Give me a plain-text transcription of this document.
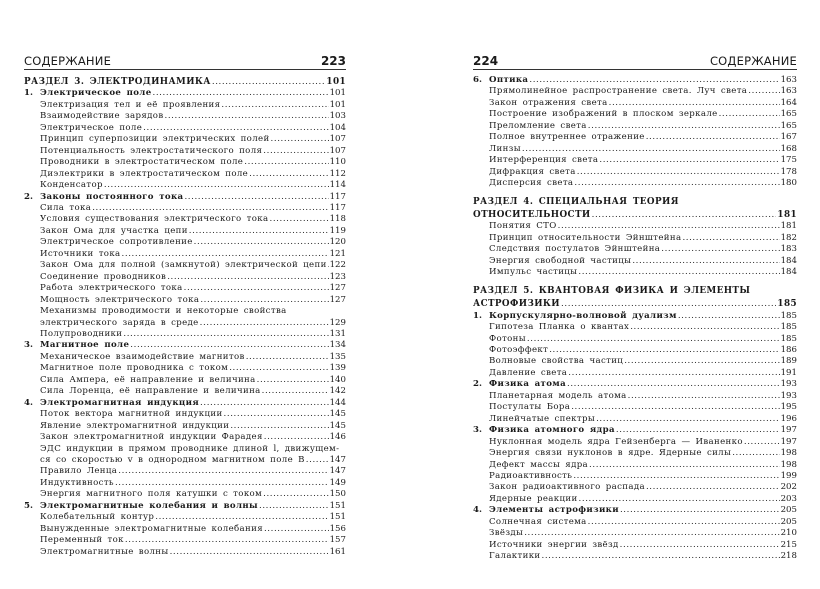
СОДЕРЖАНИЕ	223
РАЗДЕЛ 3. ЭЛЕКТРОДИНАМИКА .....	101
1. Электрическое поле .....	101
Электризация тел и её проявления .....	101
Взаимодействие зарядов .....	103
Электрическое поле .....	104
Принцип суперпозиции электрических полей .....	107
Потенциальность электростатического поля .....	107
Проводники в электростатическом поле .....	110
Диэлектрики в электростатическом поле .....	112
Конденсатор .....	114
2. Законы постоянного тока .....	117
Сила тока .....	117
Условия существования электрического тока .....	118
Закон Ома для участка цепи .....	119
Электрическое сопротивление .....	120
Источники тока .....	121
Закон Ома для полной (замкнутой) электрической цепи ..... 122
Соединение проводников .....	123
Работа электрического тока .....	127
Мощность электрического тока .....	127
Механизмы проводимости и некоторые свойства
электрического заряда в среде .....	129
Полупроводники .....	131
3. Магнитное поле .....	134
Механическое взаимодействие магнитов .....	135
Магнитное поле проводника с током .....	139
Сила Ампера, её направление и величина .....	140
Сила Лоренца, её направление и величина .....	142
4. Электромагнитная индукция .....	144
Поток вектора магнитной индукции .....	145
Явление электромагнитной индукции .....	145
Закон электромагнитной индукции Фарадея .....	146
ЭДС индукции в прямом проводнике длиной l, движущем-
ся со скоростью v в однородном магнитном поле B .....	147
Правило Ленца .....	147
Индуктивность .....	149
Энергия магнитного поля катушки с током .....	150
5. Электромагнитные колебания и волны .....	151
Колебательный контур .....	151
Вынужденные электромагнитные колебания .....	156
Переменный ток .....	157
Электромагнитные волны .....	161
224	СОДЕРЖАНИЕ
6. Оптика .....	163
Прямолинейное распространение света. Луч света .....	163
Закон отражения света .....	164
Построение изображений в плоском зеркале .....	165
Преломление света .....	165
Полное внутреннее отражение .....	167
Линзы .....	168
Интерференция света .....	175
Дифракция света .....	178
Дисперсия света .....	180
РАЗДЕЛ 4. СПЕЦИАЛЬНАЯ ТЕОРИЯ
ОТНОСИТЕЛЬНОСТИ .....	181
Понятия СТО .....	181
Принцип относительности Эйнштейна .....	182
Следствия постулатов Эйнштейна .....	183
Энергия свободной частицы .....	184
Импульс частицы .....	184
РАЗДЕЛ 5. КВАНТОВАЯ ФИЗИКА И ЭЛЕМЕНТЫ
АСТРОФИЗИКИ .....	185
1. Корпускулярно-волновой дуализм .....	185
Гипотеза Планка о квантах .....	185
Фотоны .....	185
Фотоэффект .....	186
Волновые свойства частиц .....	189
Давление света .....	191
2. Физика атома .....	193
Планетарная модель атома .....	193
Постулаты Бора .....	195
Линейчатые спектры .....	196
3. Физика атомного ядра .....	197
Нуклонная модель ядра Гейзенберга — Иваненко .....	197
Энергия связи нуклонов в ядре. Ядерные силы .....	198
Дефект массы ядра .....	198
Радиоактивность .....	199
Закон радиоактивного распада .....	202
Ядерные реакции .....	203
4. Элементы астрофизики .....	205
Солнечная система .....	205
Звёзды .....	210
Источники энергии звёзд .....	215
Галактики .....	218
